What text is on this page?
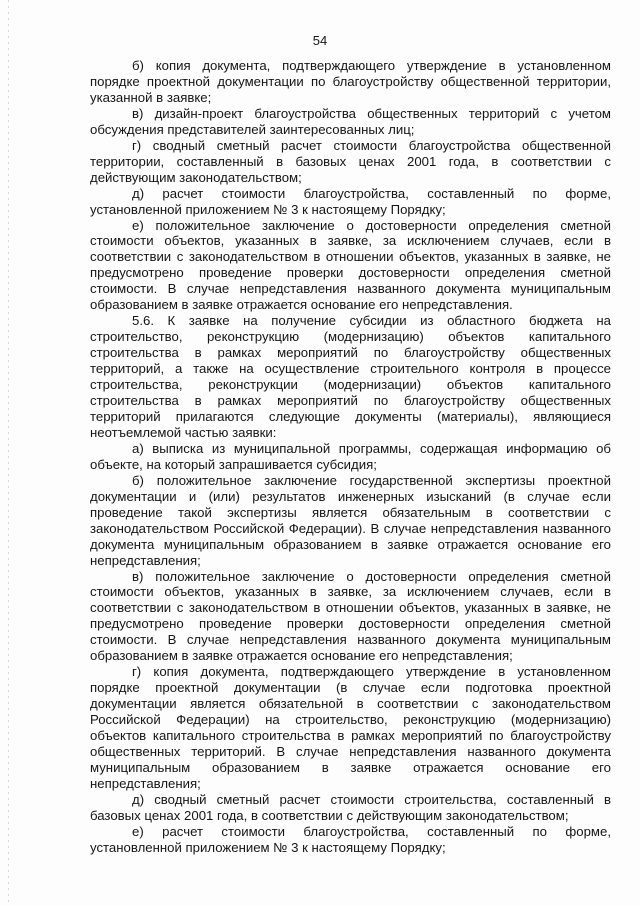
54

б) копия документа, подтверждающего утверждение в установленном порядке проектной документации по благоустройству общественной территории, указанной в заявке;

в) дизайн-проект благоустройства общественных территорий с учетом обсуждения представителей заинтересованных лиц;

г) сводный сметный расчет стоимости благоустройства общественной территории, составленный в базовых ценах 2001 года, в соответствии с действующим законодательством;

д) расчет стоимости благоустройства, составленный по форме, установленной приложением № 3 к настоящему Порядку;

е) положительное заключение о достоверности определения сметной стоимости объектов, указанных в заявке, за исключением случаев, если в соответствии с законодательством в отношении объектов, указанных в заявке, не предусмотрено проведение проверки достоверности определения сметной стоимости. В случае непредставления названного документа муниципальным образованием в заявке отражается основание его непредставления.

5.6. К заявке на получение субсидии из областного бюджета на строительство, реконструкцию (модернизацию) объектов капитального строительства в рамках мероприятий по благоустройству общественных территорий, а также на осуществление строительного контроля в процессе строительства, реконструкции (модернизации) объектов капитального строительства в рамках мероприятий по благоустройству общественных территорий прилагаются следующие документы (материалы), являющиеся неотъемлемой частью заявки:

а) выписка из муниципальной программы, содержащая информацию об объекте, на который запрашивается субсидия;

б) положительное заключение государственной экспертизы проектной документации и (или) результатов инженерных изысканий (в случае если проведение такой экспертизы является обязательным в соответствии с законодательством Российской Федерации). В случае непредставления названного документа муниципальным образованием в заявке отражается основание его непредставления;

в) положительное заключение о достоверности определения сметной стоимости объектов, указанных в заявке, за исключением случаев, если в соответствии с законодательством в отношении объектов, указанных в заявке, не предусмотрено проведение проверки достоверности определения сметной стоимости. В случае непредставления названного документа муниципальным образованием в заявке отражается основание его непредставления;

г) копия документа, подтверждающего утверждение в установленном порядке проектной документации (в случае если подготовка проектной документации является обязательной в соответствии с законодательством Российской Федерации) на строительство, реконструкцию (модернизацию) объектов капитального строительства в рамках мероприятий по благоустройству общественных территорий. В случае непредставления названного документа муниципальным образованием в заявке отражается основание его непредставления;

д) сводный сметный расчет стоимости строительства, составленный в базовых ценах 2001 года, в соответствии с действующим законодательством;

е) расчет стоимости благоустройства, составленный по форме, установленной приложением № 3 к настоящему Порядку;
